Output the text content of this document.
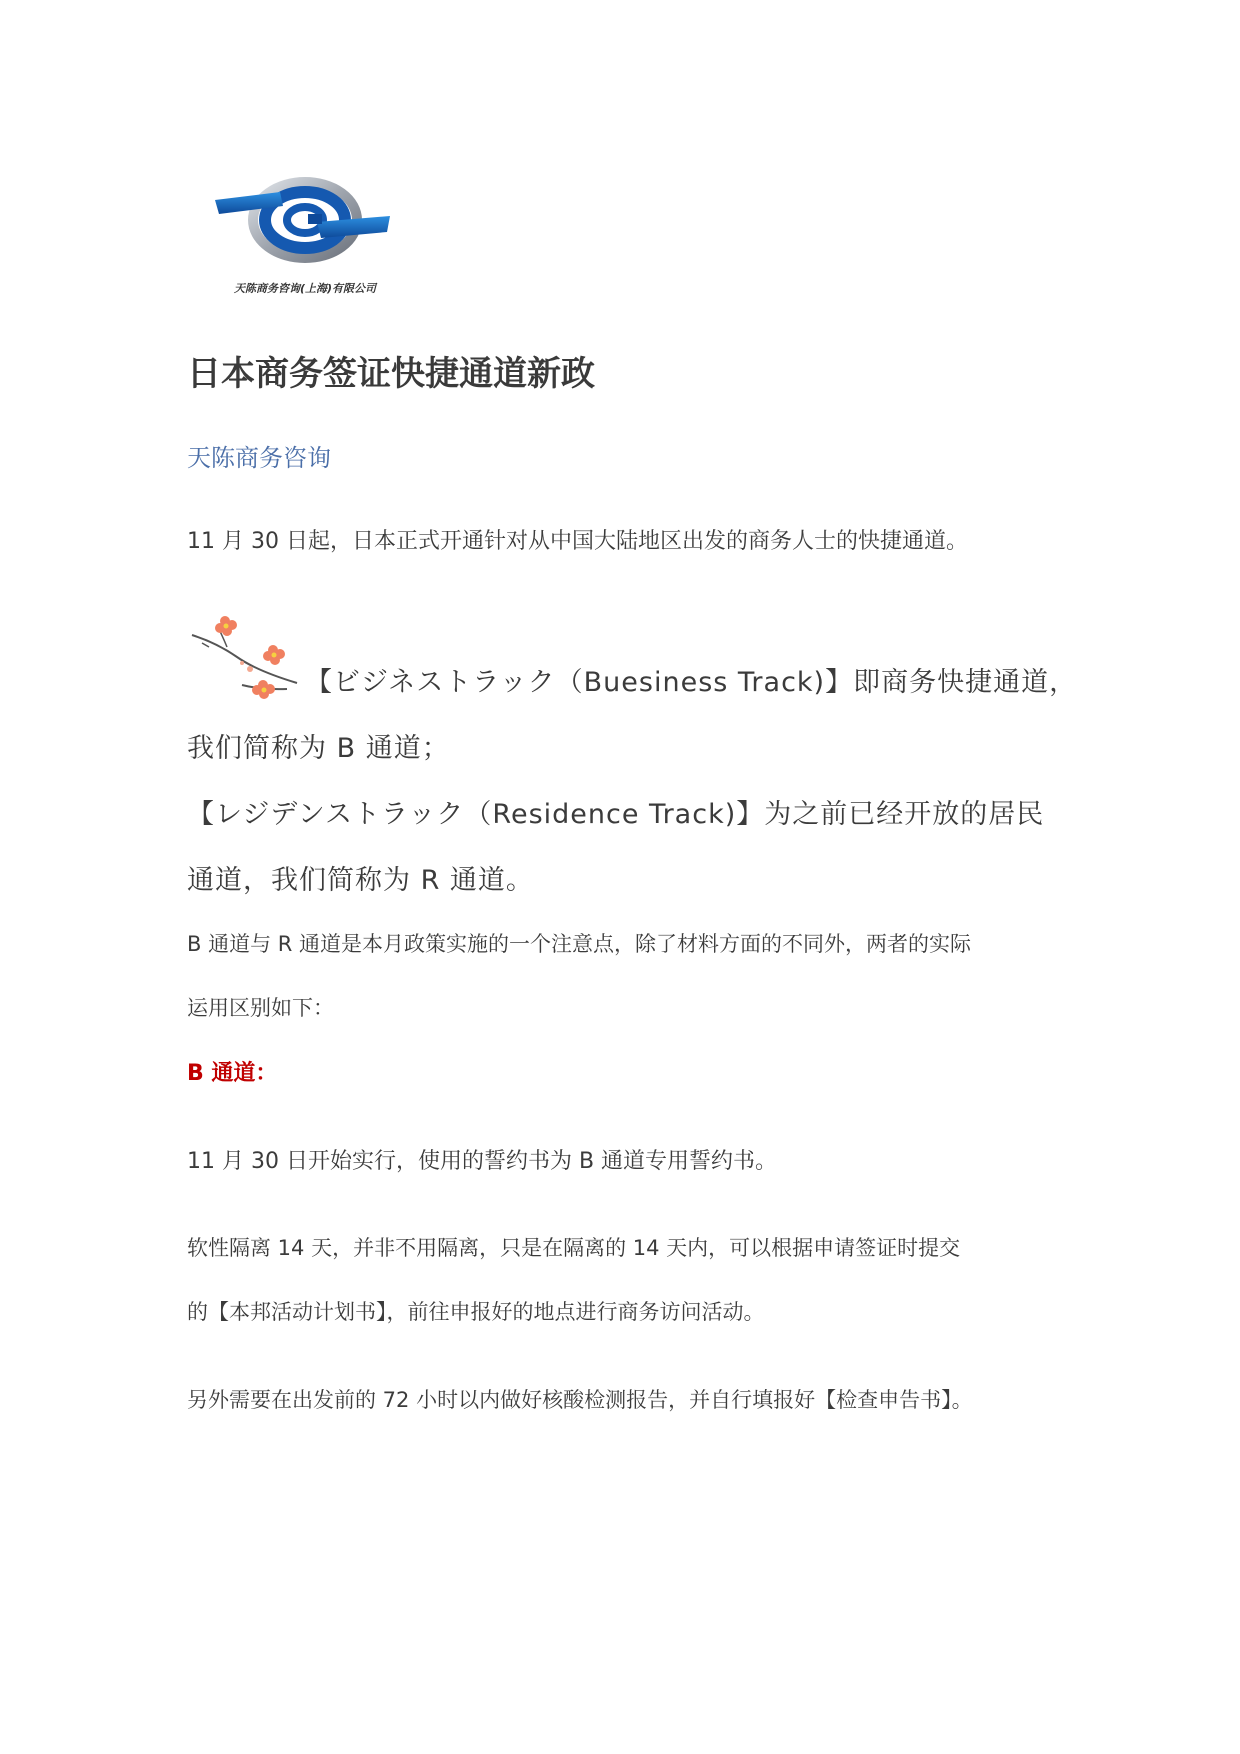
天陈商务咨询(上海)有限公司
日本商务签证快捷通道新政
天陈商务咨询
11 月 30 日起，日本正式开通针对从中国大陆地区出发的商务人士的快捷通道。
【ビジネストラック（Buesiness Track)】即商务快捷通道，
我们简称为 B 通道；
【レジデンストラック（Residence Track)】为之前已经开放的居民
通道，我们简称为 R 通道。
B 通道与 R 通道是本月政策实施的一个注意点，除了材料方面的不同外，两者的实际
运用区别如下：
B 通道：
11 月 30 日开始实行，使用的誓约书为 B 通道专用誓约书。
软性隔离 14 天，并非不用隔离，只是在隔离的 14 天内，可以根据申请签证时提交
的【本邦活动计划书】，前往申报好的地点进行商务访问活动。
另外需要在出发前的 72 小时以内做好核酸检测报告，并自行填报好【检查申告书】。
